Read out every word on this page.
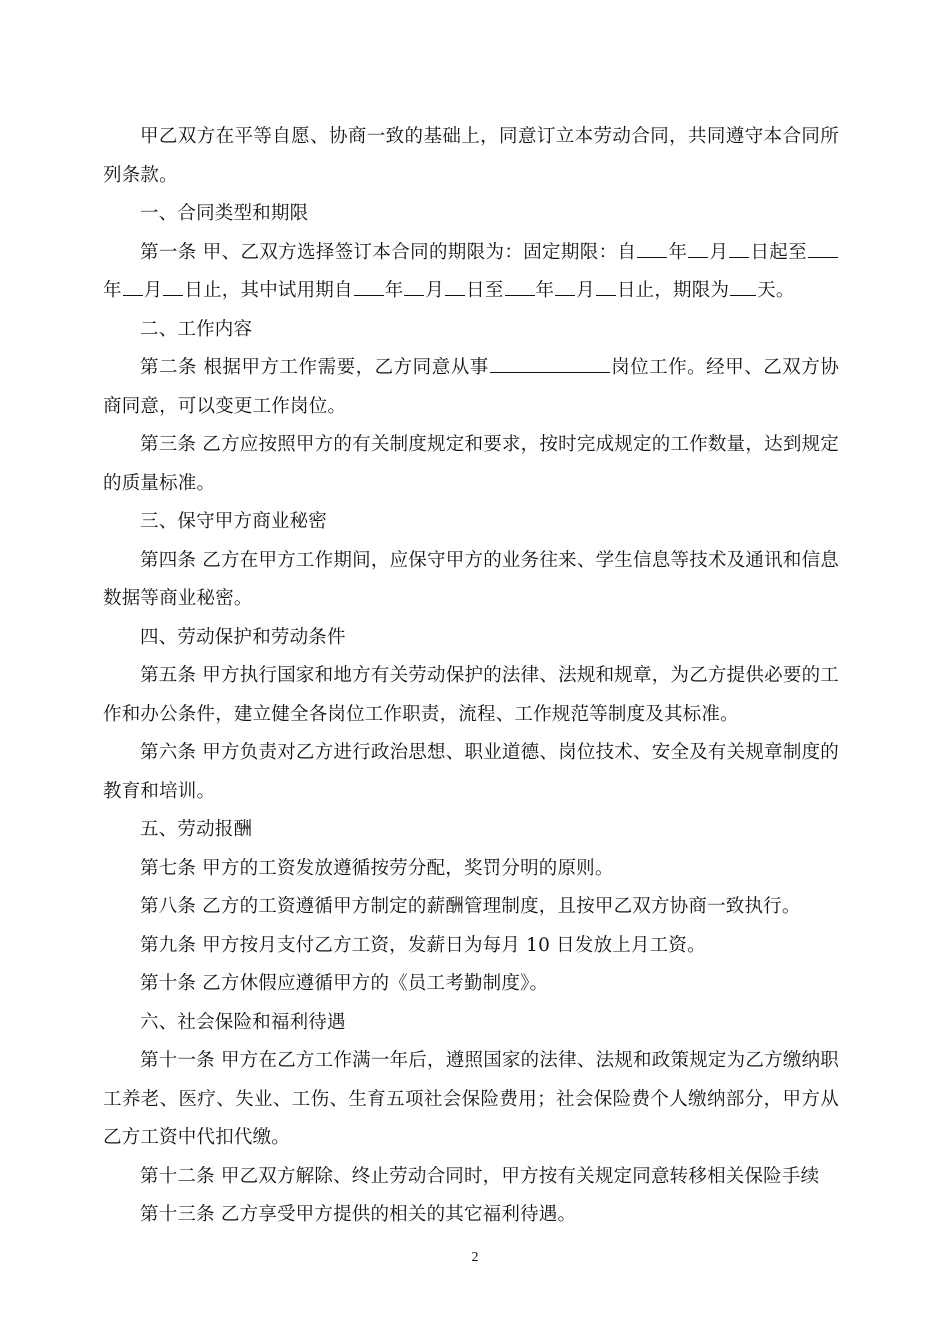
甲乙双方在平等自愿、协商一致的基础上，同意订立本劳动合同，共同遵守本合同所列条款。

一、合同类型和期限

第一条 甲、乙双方选择签订本合同的期限为：固定期限：自 年 月 日起至年 月 日止，其中试用期自 年 月 日至 年 月 日止，期限为 天。

二、工作内容

第二条 根据甲方工作需要，乙方同意从事	岗位工作。经甲、乙双方协商同意，可以变更工作岗位。

第三条 乙方应按照甲方的有关制度规定和要求，按时完成规定的工作数量，达到规定的质量标准。

三、保守甲方商业秘密

第四条 乙方在甲方工作期间，应保守甲方的业务往来、学生信息等技术及通讯和信息数据等商业秘密。

四、劳动保护和劳动条件

第五条 甲方执行国家和地方有关劳动保护的法律、法规和规章，为乙方提供必要的工作和办公条件，建立健全各岗位工作职责，流程、工作规范等制度及其标准。

第六条 甲方负责对乙方进行政治思想、职业道德、岗位技术、安全及有关规章制度的教育和培训。

五、劳动报酬

第七条 甲方的工资发放遵循按劳分配，奖罚分明的原则。

第八条 乙方的工资遵循甲方制定的薪酬管理制度，且按甲乙双方协商一致执行。

第九条 甲方按月支付乙方工资，发薪日为每月 10 日发放上月工资。

第十条 乙方休假应遵循甲方的《员工考勤制度》。

六、社会保险和福利待遇

第十一条 甲方在乙方工作满一年后，遵照国家的法律、法规和政策规定为乙方缴纳职工养老、医疗、失业、工伤、生育五项社会保险费用；社会保险费个人缴纳部分，甲方从乙方工资中代扣代缴。

第十二条 甲乙双方解除、终止劳动合同时，甲方按有关规定同意转移相关保险手续

第十三条 乙方享受甲方提供的相关的其它福利待遇。

2
